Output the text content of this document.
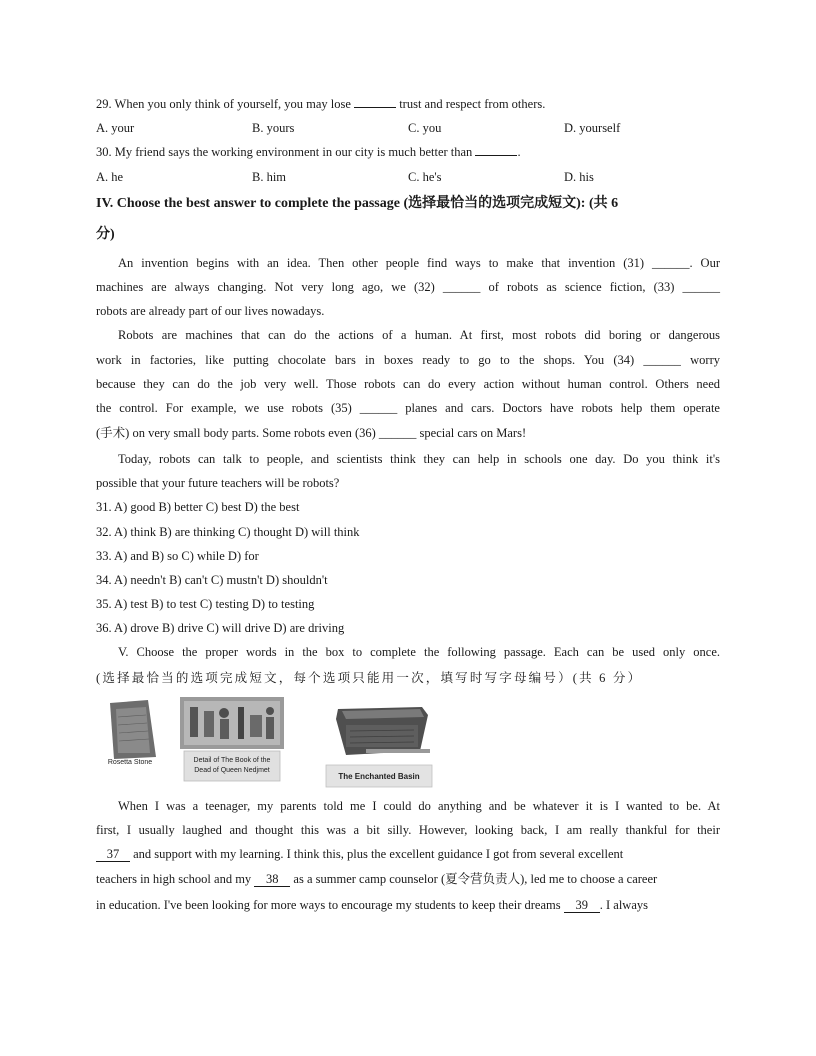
29. When you only think of yourself, you may lose	trust and respect from others.
A. your	B. yours	C. you	D. yourself
30. My friend says the working environment in our city is much better than	.
A. he	B. him	C. he's	D. his
IV. Choose the best answer to complete the passage (选择最恰当的选项完成短文): (共 6
分)
An invention begins with an idea. Then other people find ways to make that invention (31) ______. Our
machines are always changing. Not very long ago, we (32) ______ of robots as science fiction, (33) ______
robots are already part of our lives nowadays.
Robots are machines that can do the actions of a human. At first, most robots did boring or dangerous
work in factories, like putting chocolate bars in boxes ready to go to the shops. You (34) ______ worry
because they can do the job very well. Those robots can do every action without human control. Others need
the control. For example, we use robots (35) ______ planes and cars. Doctors have robots help them operate
(手术) on very small body parts. Some robots even (36) ______ special cars on Mars!
Today, robots can talk to people, and scientists think they can help in schools one day. Do you think it's
possible that your future teachers will be robots?
31. A) good B) better C) best D) the best
32. A) think B) are thinking C) thought D) will think
33. A) and B) so C) while D) for
34. A) needn't B) can't C) mustn't D) shouldn't
35. A) test B) to test C) testing D) to testing
36. A) drove B) drive C) will drive D) are driving
V. Choose the proper words in the box to complete the following passage. Each can be used only once.
(选择最恰当的选项完成短文，每个选项只能用一次，填写时写字母编号）(共 6 分）
Rosetta Stone	Detail of The Book of the
Dead of Queen Nedjmet
The Enchanted Basin
When I was a teenager, my parents told me I could do anything and be whatever it is I wanted to be. At
first, I usually laughed and thought this was a bit silly. However, looking back, I am really thankful for their
37 and support with my learning. I think this, plus the excellent guidance I got from several excellent
teachers in high school and my 38 as a summer camp counselor (夏令营负责人), led me to choose a career
in education. I've been looking for more ways to encourage my students to keep their dreams 39 . I always
